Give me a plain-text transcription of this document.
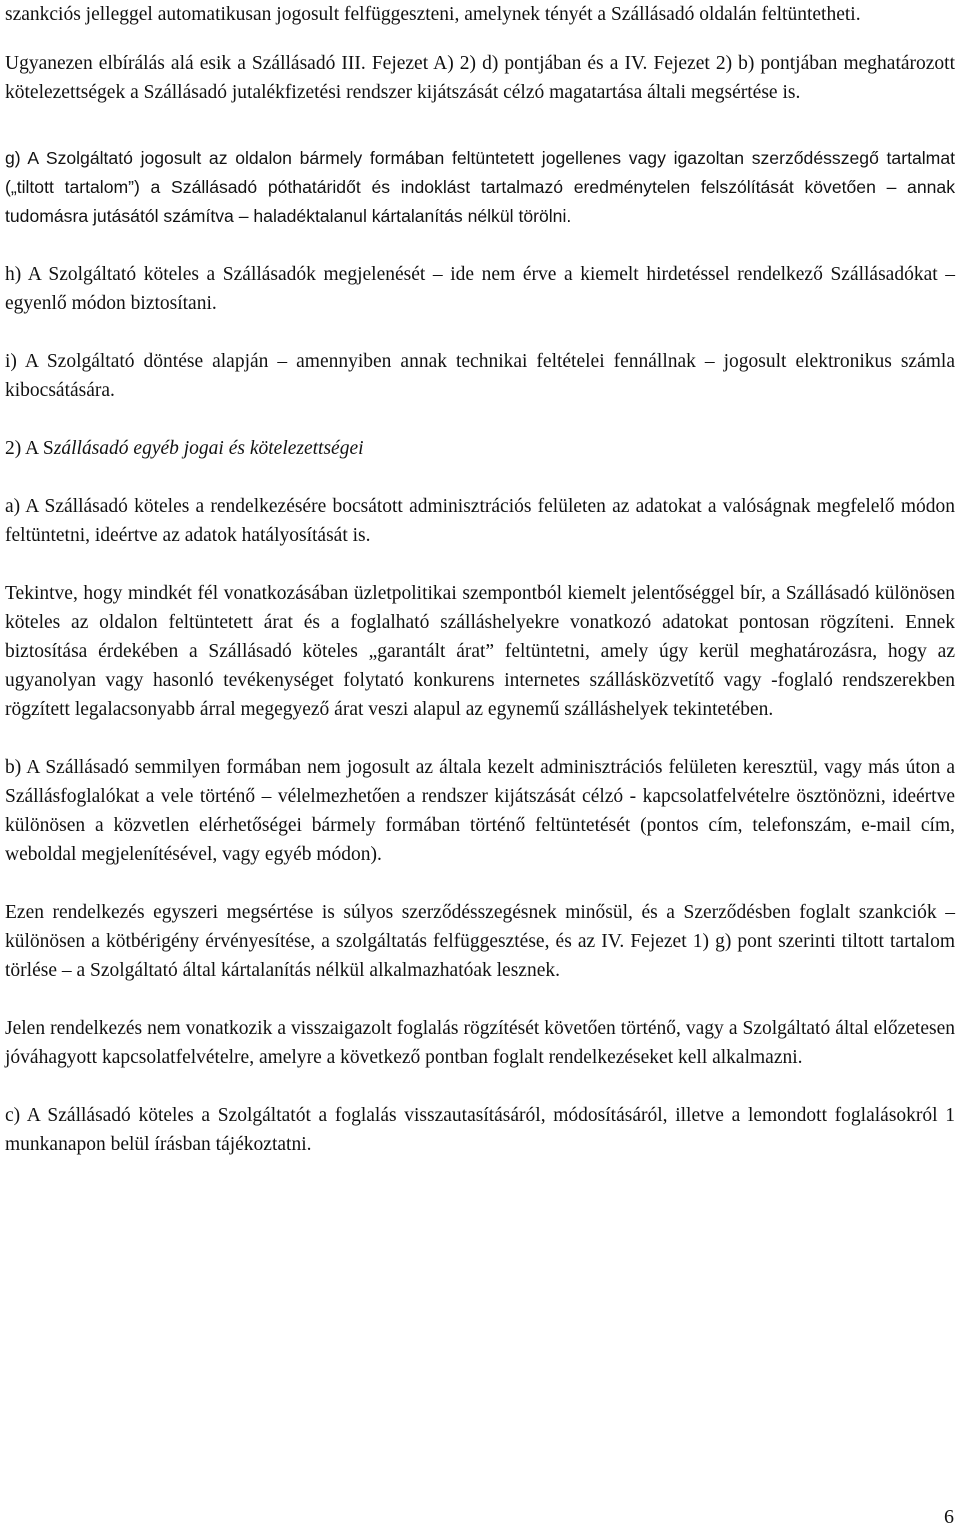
szankciós jelleggel automatikusan jogosult felfüggeszteni, amelynek tényét a Szállásadó oldalán feltüntetheti.

Ugyanezen elbírálás alá esik a Szállásadó III. Fejezet A) 2) d) pontjában és a IV. Fejezet 2) b) pontjában meghatározott kötelezettségek a Szállásadó jutalékfizetési rendszer kijátszását célzó magatartása általi megsértése is.

g) A Szolgáltató jogosult az oldalon bármely formában feltüntetett jogellenes vagy igazoltan szerződésszegő tartalmat („tiltott tartalom”) a Szállásadó póthatáridőt és indoklást tartalmazó eredménytelen felszólítását követően – annak tudomásra jutásától számítva – haladéktalanul kártalanítás nélkül törölni.

h) A Szolgáltató köteles a Szállásadók megjelenését – ide nem érve a kiemelt hirdetéssel rendelkező Szállásadókat – egyenlő módon biztosítani.

i) A Szolgáltató döntése alapján – amennyiben annak technikai feltételei fennállnak – jogosult elektronikus számla kibocsátására.

2) A Szállásadó egyéb jogai és kötelezettségei

a) A Szállásadó köteles a rendelkezésére bocsátott adminisztrációs felületen az adatokat a valóságnak megfelelő módon feltüntetni, ideértve az adatok hatályosítását is.

Tekintve, hogy mindkét fél vonatkozásában üzletpolitikai szempontból kiemelt jelentőséggel bír, a Szállásadó különösen köteles az oldalon feltüntetett árat és a foglalható szálláshelyekre vonatkozó adatokat pontosan rögzíteni. Ennek biztosítása érdekében a Szállásadó köteles „garantált árat” feltüntetni, amely úgy kerül meghatározásra, hogy az ugyanolyan vagy hasonló tevékenységet folytató konkurens internetes szállásközvetítő vagy -foglaló rendszerekben rögzített legalacsonyabb árral megegyező árat veszi alapul az egynemű szálláshelyek tekintetében.

b) A Szállásadó semmilyen formában nem jogosult az általa kezelt adminisztrációs felületen keresztül, vagy más úton a Szállásfoglalókat a vele történő – vélelmezhetően a rendszer kijátszását célzó - kapcsolatfelvételre ösztönözni, ideértve különösen a közvetlen elérhetőségei bármely formában történő feltüntetését (pontos cím, telefonszám, e-mail cím, weboldal megjelenítésével, vagy egyéb módon).

Ezen rendelkezés egyszeri megsértése is súlyos szerződésszegésnek minősül, és a Szerződésben foglalt szankciók – különösen a kötbérigény érvényesítése, a szolgáltatás felfüggesztése, és az IV. Fejezet 1) g) pont szerinti tiltott tartalom törlése – a Szolgáltató által kártalanítás nélkül alkalmazhatóak lesznek.

Jelen rendelkezés nem vonatkozik a visszaigazolt foglalás rögzítését követően történő, vagy a Szolgáltató által előzetesen jóváhagyott kapcsolatfelvételre, amelyre a következő pontban foglalt rendelkezéseket kell alkalmazni.

c) A Szállásadó köteles a Szolgáltatót a foglalás visszautasításáról, módosításáról, illetve a lemondott foglalásokról 1 munkanapon belül írásban tájékoztatni.

6
